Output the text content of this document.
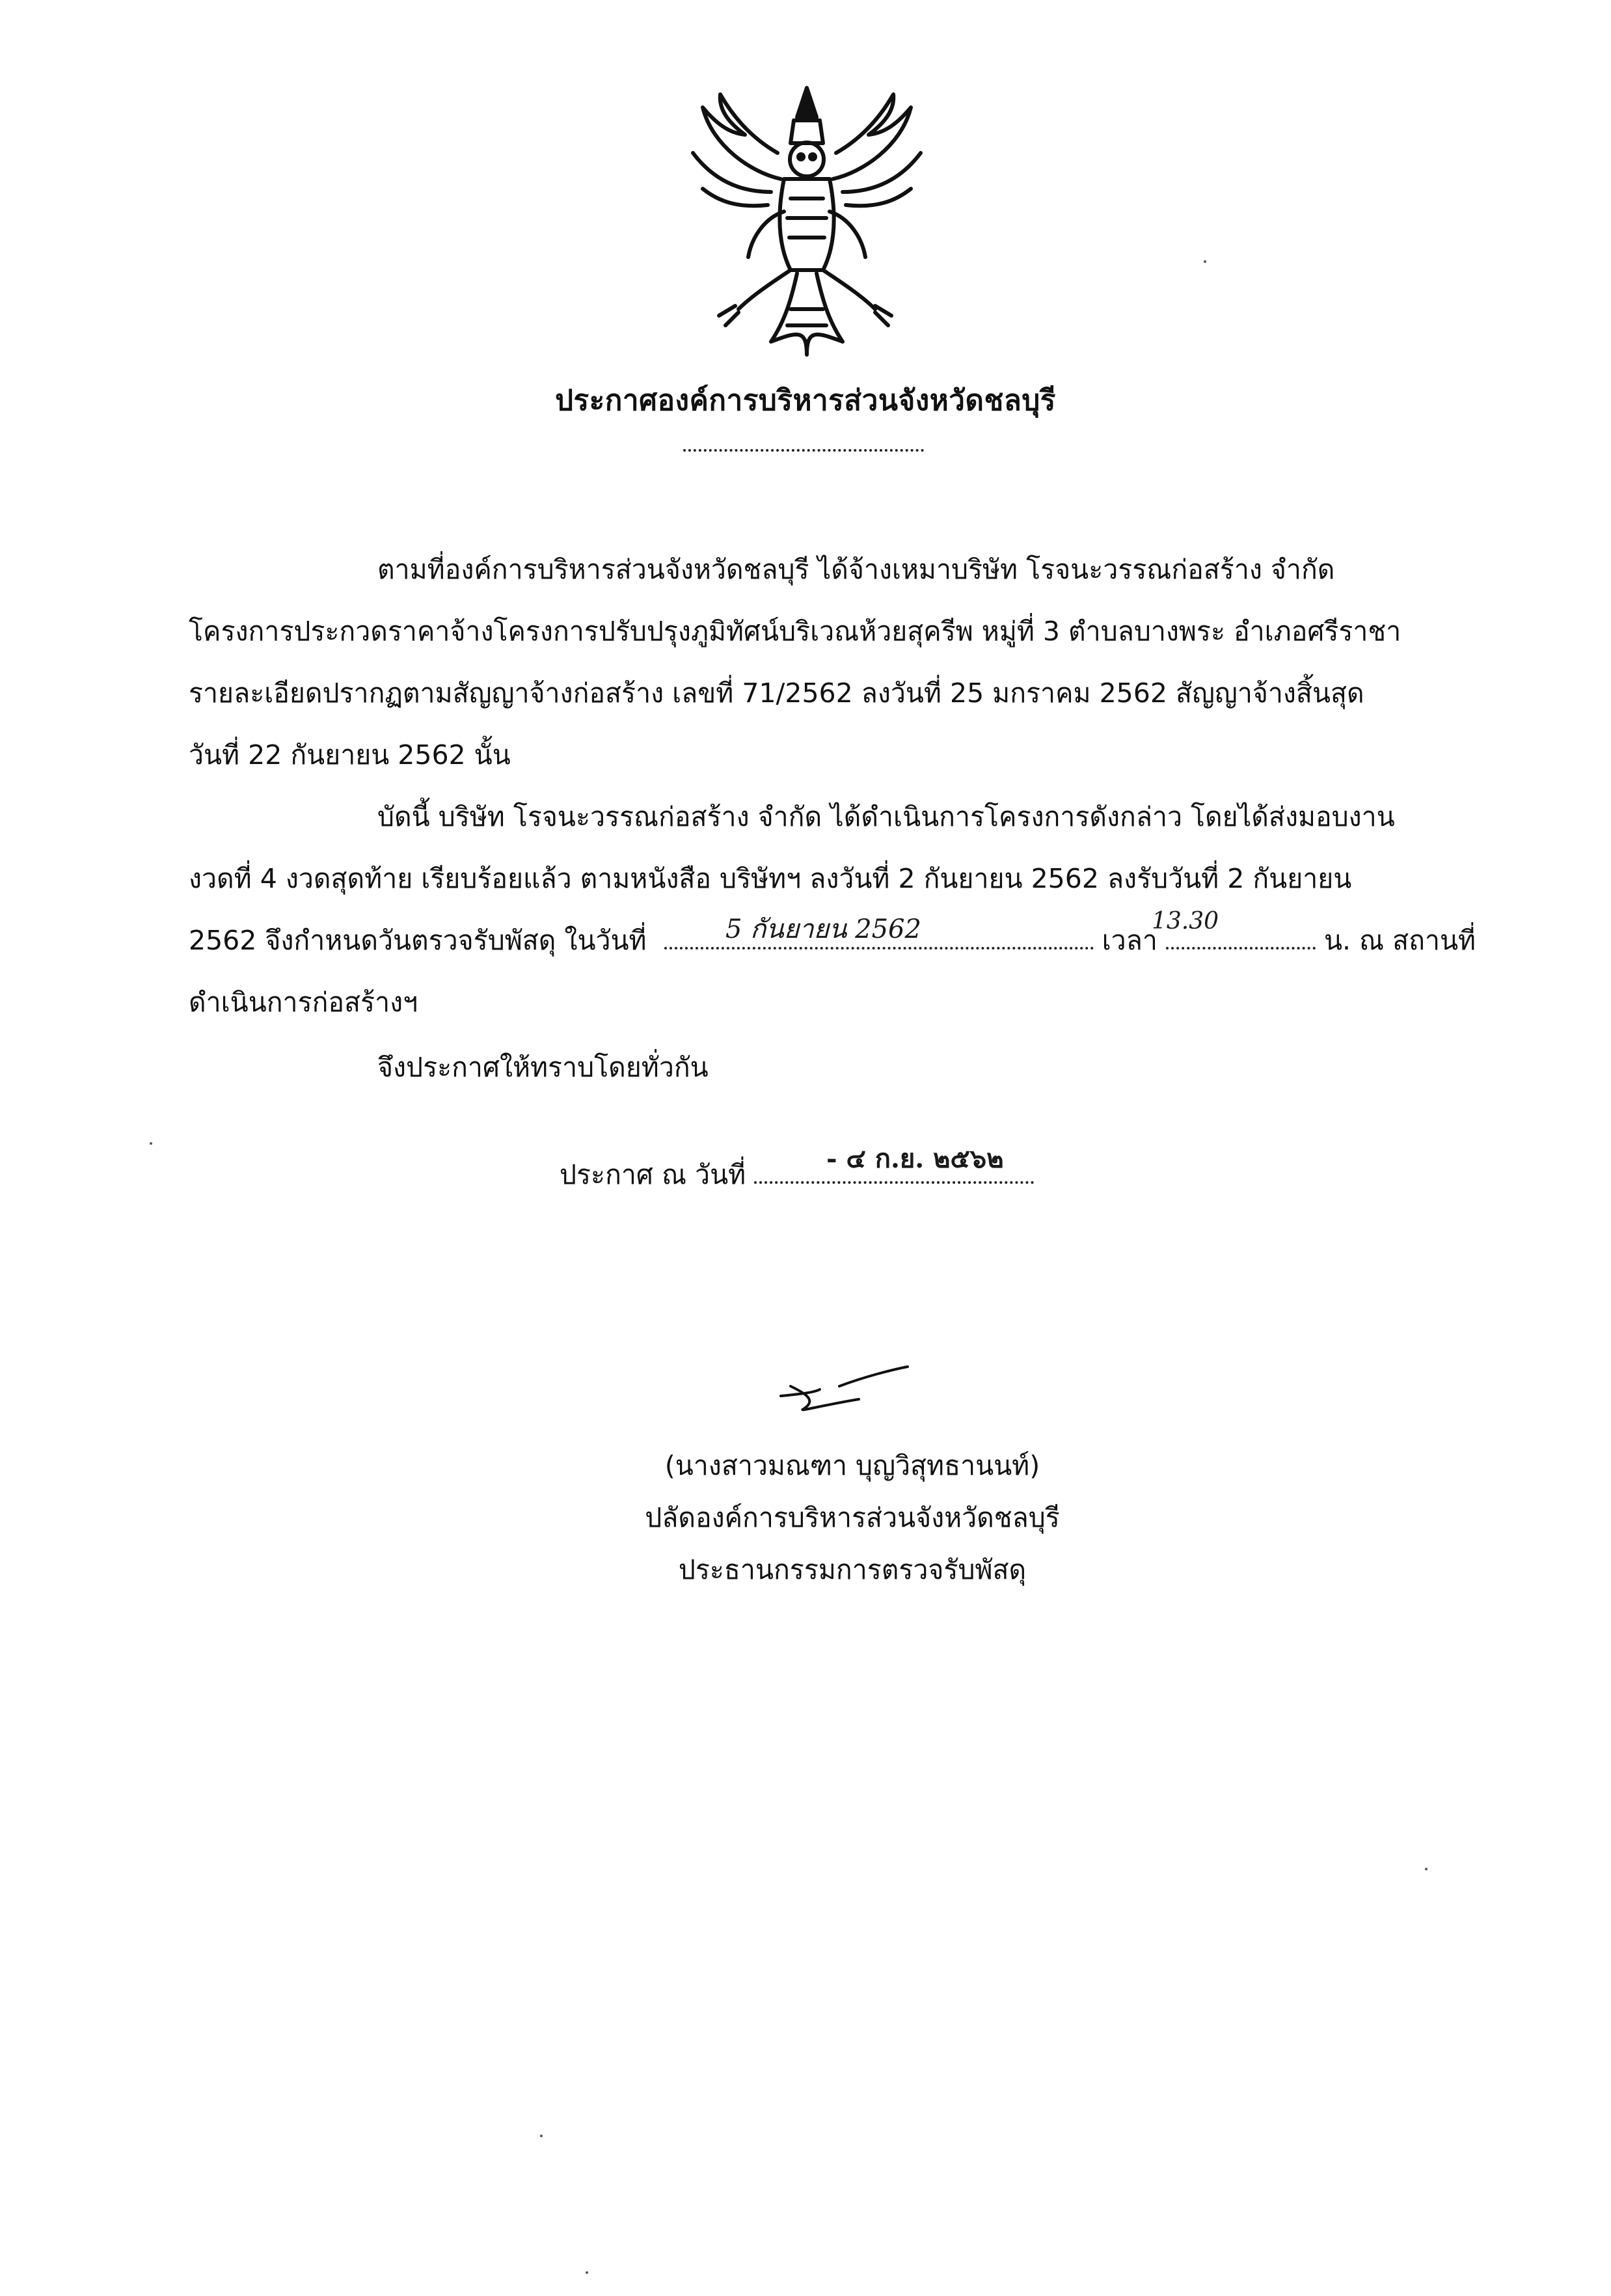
ประกาศองค์การบริหารส่วนจังหวัดชลบุรี
ตามที่องค์การบริหารส่วนจังหวัดชลบุรี ได้จ้างเหมาบริษัท โรจนะวรรณก่อสร้าง จำกัด
โครงการประกวดราคาจ้างโครงการปรับปรุงภูมิทัศน์บริเวณห้วยสุครีพ หมู่ที่ 3 ตำบลบางพระ อำเภอศรีราชา
รายละเอียดปรากฏตามสัญญาจ้างก่อสร้าง เลขที่ 71/2562 ลงวันที่ 25 มกราคม 2562 สัญญาจ้างสิ้นสุด
วันที่ 22 กันยายน 2562 นั้น
บัดนี้ บริษัท โรจนะวรรณก่อสร้าง จำกัด ได้ดำเนินการโครงการดังกล่าว โดยได้ส่งมอบงาน
งวดที่ 4 งวดสุดท้าย เรียบร้อยแล้ว ตามหนังสือ บริษัทฯ ลงวันที่ 2 กันยายน 2562 ลงรับวันที่ 2 กันยายน
2562 จึงกำหนดวันตรวจรับพัสดุ ในวันที่	เวลา	น. ณ สถานที่
5 กันยายน 2562	13.30
ดำเนินการก่อสร้างฯ
จึงประกาศให้ทราบโดยทั่วกัน
ประกาศ ณ วันที่
- ๔ ก.ย. ๒๕๖๒
(นางสาวมณฑา บุญวิสุทธานนท์)
ปลัดองค์การบริหารส่วนจังหวัดชลบุรี
ประธานกรรมการตรวจรับพัสดุ
